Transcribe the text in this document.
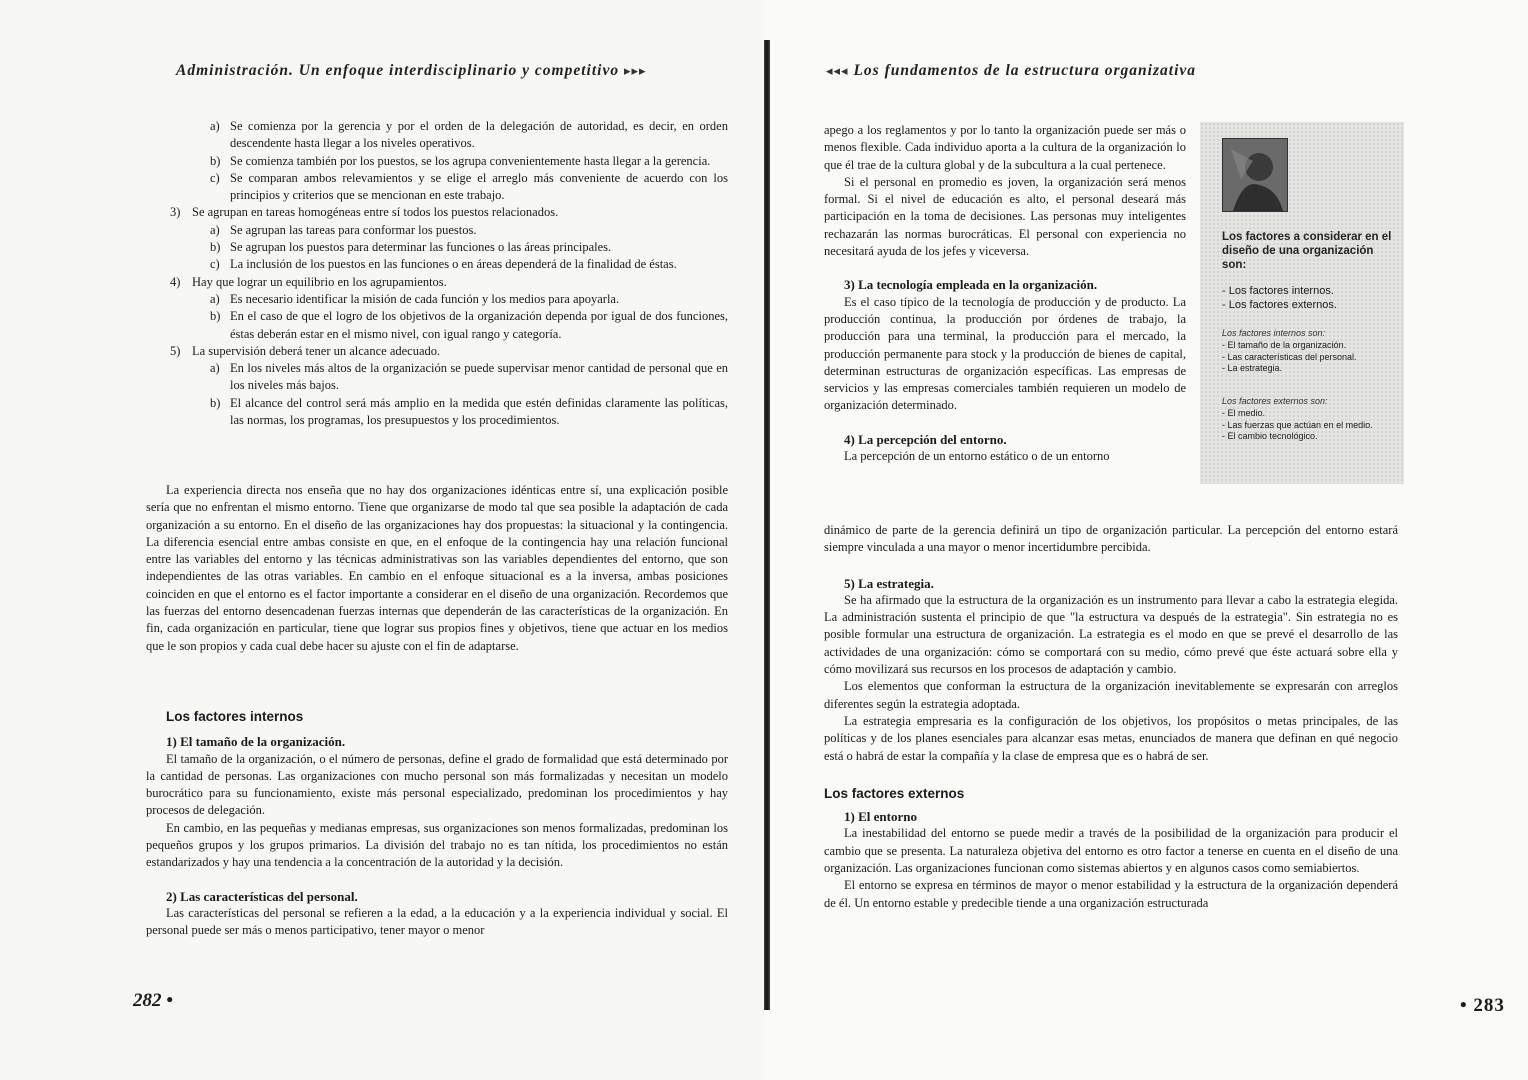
Administración. Un enfoque interdisciplinario y competitivo ▸▸▸
a) Se comienza por la gerencia y por el orden de la delegación de autoridad, es decir, en orden descendente hasta llegar a los niveles operativos.
b) Se comienza también por los puestos, se los agrupa convenientemente hasta llegar a la gerencia.
c) Se comparan ambos relevamientos y se elige el arreglo más conveniente de acuerdo con los principios y criterios que se mencionan en este trabajo.
3) Se agrupan en tareas homogéneas entre sí todos los puestos relacionados.
a) Se agrupan las tareas para conformar los puestos.
b) Se agrupan los puestos para determinar las funciones o las áreas principales.
c) La inclusión de los puestos en las funciones o en áreas dependerá de la finalidad de éstas.
4) Hay que lograr un equilibrio en los agrupamientos.
a) Es necesario identificar la misión de cada función y los medios para apoyarla.
b) En el caso de que el logro de los objetivos de la organización dependa por igual de dos funciones, éstas deberán estar en el mismo nivel, con igual rango y categoría.
5) La supervisión deberá tener un alcance adecuado.
a) En los niveles más altos de la organización se puede supervisar menor cantidad de personal que en los niveles más bajos.
b) El alcance del control será más amplio en la medida que estén definidas claramente las políticas, las normas, los programas, los presupuestos y los procedimientos.

La experiencia directa nos enseña que no hay dos organizaciones idénticas entre sí, una explicación posible sería que no enfrentan el mismo entorno. Tiene que organizarse de modo tal que sea posible la adaptación de cada organización a su entorno. En el diseño de las organizaciones hay dos propuestas: la situacional y la contingencia. La diferencia esencial entre ambas consiste en que, en el enfoque de la contingencia hay una relación funcional entre las variables del entorno y las técnicas administrativas son las variables dependientes del entorno, que son independientes de las otras variables. En cambio en el enfoque situacional es a la inversa, ambas posiciones coinciden en que el entorno es el factor importante a considerar en el diseño de una organización. Recordemos que las fuerzas del entorno desencadenan fuerzas internas que dependerán de las características de la organización. En fin, cada organización en particular, tiene que lograr sus propios fines y objetivos, tiene que actuar en los medios que le son propios y cada cual debe hacer su ajuste con el fin de adaptarse.

Los factores internos

1) El tamaño de la organización.

El tamaño de la organización, o el número de personas, define el grado de formalidad que está determinado por la cantidad de personas. Las organizaciones con mucho personal son más formalizadas y necesitan un modelo burocrático para su funcionamiento, existe más personal especializado, predominan los procedimientos y hay procesos de delegación.

En cambio, en las pequeñas y medianas empresas, sus organizaciones son menos formalizadas, predominan los pequeños grupos y los grupos primarios. La división del trabajo no es tan nítida, los procedimientos no están estandarizados y hay una tendencia a la concentración de la autoridad y la decisión.

2) Las características del personal.

Las características del personal se refieren a la edad, a la educación y a la experiencia individual y social. El personal puede ser más o menos participativo, tener mayor o menor

282 •
◂◂◂ Los fundamentos de la estructura organizativa

apego a los reglamentos y por lo tanto la organización puede ser más o menos flexible. Cada individuo aporta a la cultura de la organización lo que él trae de la cultura global y de la subcultura a la cual pertenece.

Si el personal en promedio es joven, la organización será menos formal. Si el nivel de educación es alto, el personal deseará más participación en la toma de decisiones. Las personas muy inteligentes rechazarán las normas burocráticas. El personal con experiencia no necesitará ayuda de los jefes y viceversa.

3) La tecnología empleada en la organización.

Es el caso típico de la tecnología de producción y de producto. La producción continua, la producción por órdenes de trabajo, la producción para una terminal, la producción para el mercado, la producción permanente para stock y la producción de bienes de capital, determinan estructuras de organización específicas. Las empresas de servicios y las empresas comerciales también requieren un modelo de organización determinado.

4) La percepción del entorno.

La percepción de un entorno estático o de un entorno

Los factores a considerar en el diseño de una organización son:
- Los factores internos.
- Los factores externos.
Los factores internos son:
- El tamaño de la organización.
- Las características del personal.
- La estrategia.
Los factores externos son:
- El medio.
- Las fuerzas que actúan en el medio.
- El cambio tecnológico.

dinámico de parte de la gerencia definirá un tipo de organización particular. La percepción del entorno estará siempre vinculada a una mayor o menor incertidumbre percibida.

5) La estrategia.

Se ha afirmado que la estructura de la organización es un instrumento para llevar a cabo la estrategia elegida. La administración sustenta el principio de que "la estructura va después de la estrategia". Sin estrategia no es posible formular una estructura de organización. La estrategia es el modo en que se prevé el desarrollo de las actividades de una organización: cómo se comportará con su medio, cómo prevé que éste actuará sobre ella y cómo movilizará sus recursos en los procesos de adaptación y cambio.

Los elementos que conforman la estructura de la organización inevitablemente se expresarán con arreglos diferentes según la estrategia adoptada.

La estrategia empresaria es la configuración de los objetivos, los propósitos o metas principales, de las políticas y de los planes esenciales para alcanzar esas metas, enunciados de manera que definan en qué negocio está o habrá de estar la compañía y la clase de empresa que es o habrá de ser.

Los factores externos

1) El entorno

La inestabilidad del entorno se puede medir a través de la posibilidad de la organización para producir el cambio que se presenta. La naturaleza objetiva del entorno es otro factor a tenerse en cuenta en el diseño de una organización. Las organizaciones funcionan como sistemas abiertos y en algunos casos como semiabiertos.

El entorno se expresa en términos de mayor o menor estabilidad y la estructura de la organización dependerá de él. Un entorno estable y predecible tiende a una organización estructurada

• 283
